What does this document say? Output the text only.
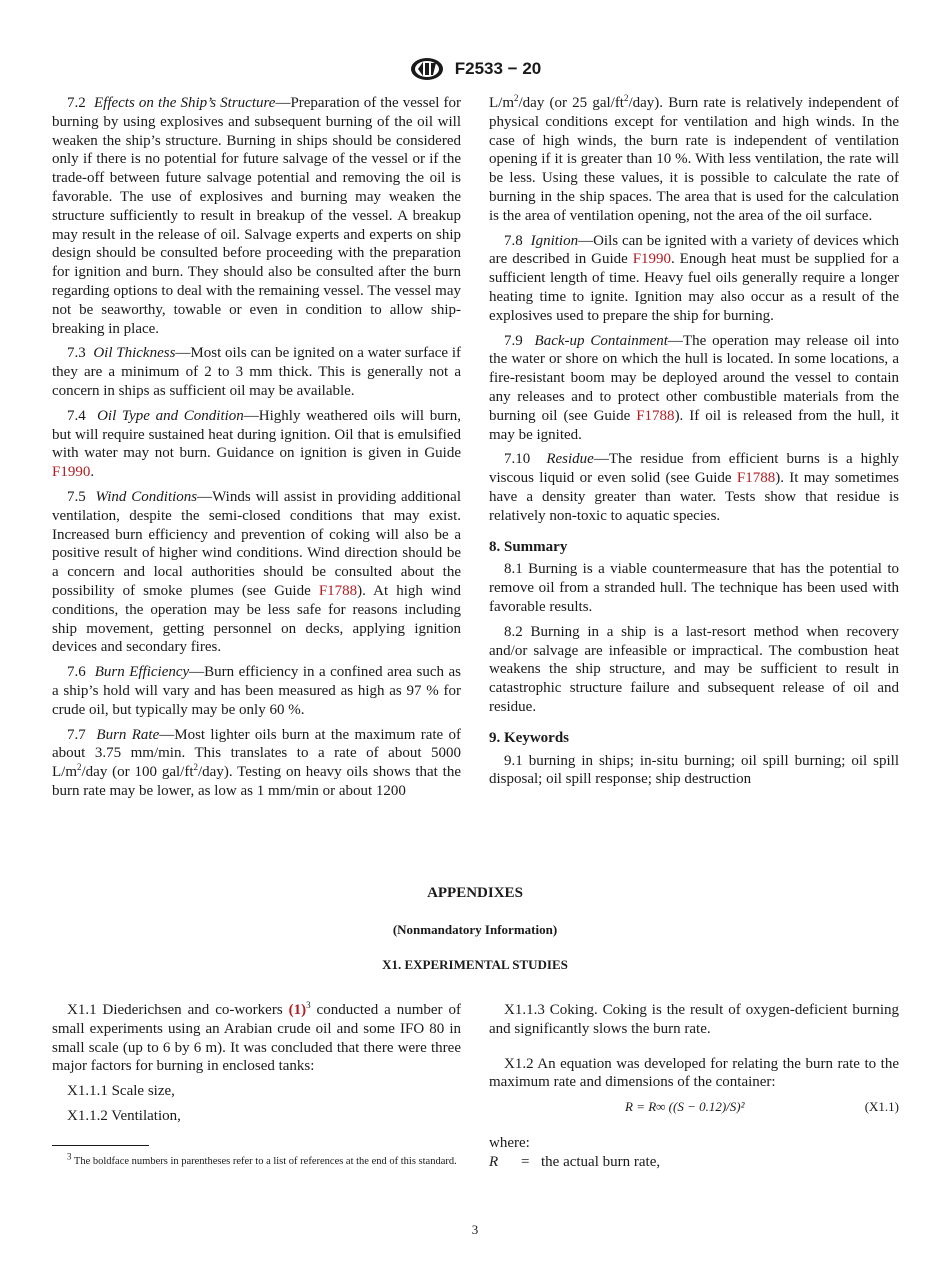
F2533 − 20

7.2 Effects on the Ship’s Structure—Preparation of the vessel for burning by using explosives and subsequent burning of the oil will weaken the ship’s structure. Burning in ships should be considered only if there is no potential for future salvage of the vessel or if the trade-off between future salvage potential and removing the oil is favorable. The use of explosives and burning may weaken the structure sufficiently to result in breakup of the vessel. A breakup may result in the release of oil. Salvage experts and experts on ship design should be consulted before proceeding with the preparation for ignition and burn. They should also be consulted after the burn regarding options to deal with the remaining vessel. The vessel may not be seaworthy, towable or even in condition to allow ship-breaking in place.

7.3 Oil Thickness—Most oils can be ignited on a water surface if they are a minimum of 2 to 3 mm thick. This is generally not a concern in ships as sufficient oil may be available.

7.4 Oil Type and Condition—Highly weathered oils will burn, but will require sustained heat during ignition. Oil that is emulsified with water may not burn. Guidance on ignition is given in Guide F1990.

7.5 Wind Conditions—Winds will assist in providing additional ventilation, despite the semi-closed conditions that may exist. Increased burn efficiency and prevention of coking will also be a positive result of higher wind conditions. Wind direction should be a concern and local authorities should be consulted about the possibility of smoke plumes (see Guide F1788). At high wind conditions, the operation may be less safe for reasons including ship movement, getting personnel on decks, applying ignition devices and secondary fires.

7.6 Burn Efficiency—Burn efficiency in a confined area such as a ship’s hold will vary and has been measured as high as 97 % for crude oil, but typically may be only 60 %.

7.7 Burn Rate—Most lighter oils burn at the maximum rate of about 3.75 mm/min. This translates to a rate of about 5000 $L/m^2$/day (or 100 gal/$ft^2/day$). Testing on heavy oils shows that the burn rate may be lower, as low as 1 mm/min or about 1200

$L/m^2$/day (or 25 gal/$ft^2/day$). Burn rate is relatively independent of physical conditions except for ventilation and high winds. In the case of high winds, the burn rate is independent of ventilation opening if it is greater than 10 %. With less ventilation, the rate will be less. Using these values, it is possible to calculate the rate of burning in the ship spaces. The area that is used for the calculation is the area of ventilation opening, not the area of the oil surface.

7.8 Ignition—Oils can be ignited with a variety of devices which are described in Guide F1990. Enough heat must be supplied for a sufficient length of time. Heavy fuel oils generally require a longer heating time to ignite. Ignition may also occur as a result of the explosives used to prepare the ship for burning.

7.9 Back-up Containment—The operation may release oil into the water or shore on which the hull is located. In some locations, a fire-resistant boom may be deployed around the vessel to contain any releases and to protect other combustible materials from the burning oil (see Guide F1788). If oil is released from the hull, it may be ignited.

7.10 Residue—The residue from efficient burns is a highly viscous liquid or even solid (see Guide F1788). It may sometimes have a density greater than water. Tests show that residue is relatively non-toxic to aquatic species.

8. Summary

8.1 Burning is a viable countermeasure that has the potential to remove oil from a stranded hull. The technique has been used with favorable results.

8.2 Burning in a ship is a last-resort method when recovery and/or salvage are infeasible or impractical. The combustion heat weakens the ship structure, and may be sufficient to result in catastrophic structure failure and subsequent release of oil and residue.

9. Keywords

9.1 burning in ships; in-situ burning; oil spill burning; oil spill disposal; oil spill response; ship destruction

APPENDIXES
(Nonmandatory Information)
X1. EXPERIMENTAL STUDIES

X1.1 Diederichsen and co-workers $(1)^3$ conducted a number of small experiments using an Arabian crude oil and some IFO 80 in small scale (up to 6 by 6 m). It was concluded that there were three major factors for burning in enclosed tanks:

X1.1.1 Scale size,

X1.1.2 Ventilation,

X1.1.3 Coking. Coking is the result of oxygen-deficient burning and significantly slows the burn rate.

X1.2 An equation was developed for relating the burn rate to the maximum rate and dimensions of the container:

R = R∞ ((S − 0.12)/S)²	(X1.1)

where:

R	= the actual burn rate,
$^3$ The boldface numbers in parentheses refer to a list of references at the end of this standard.
3
